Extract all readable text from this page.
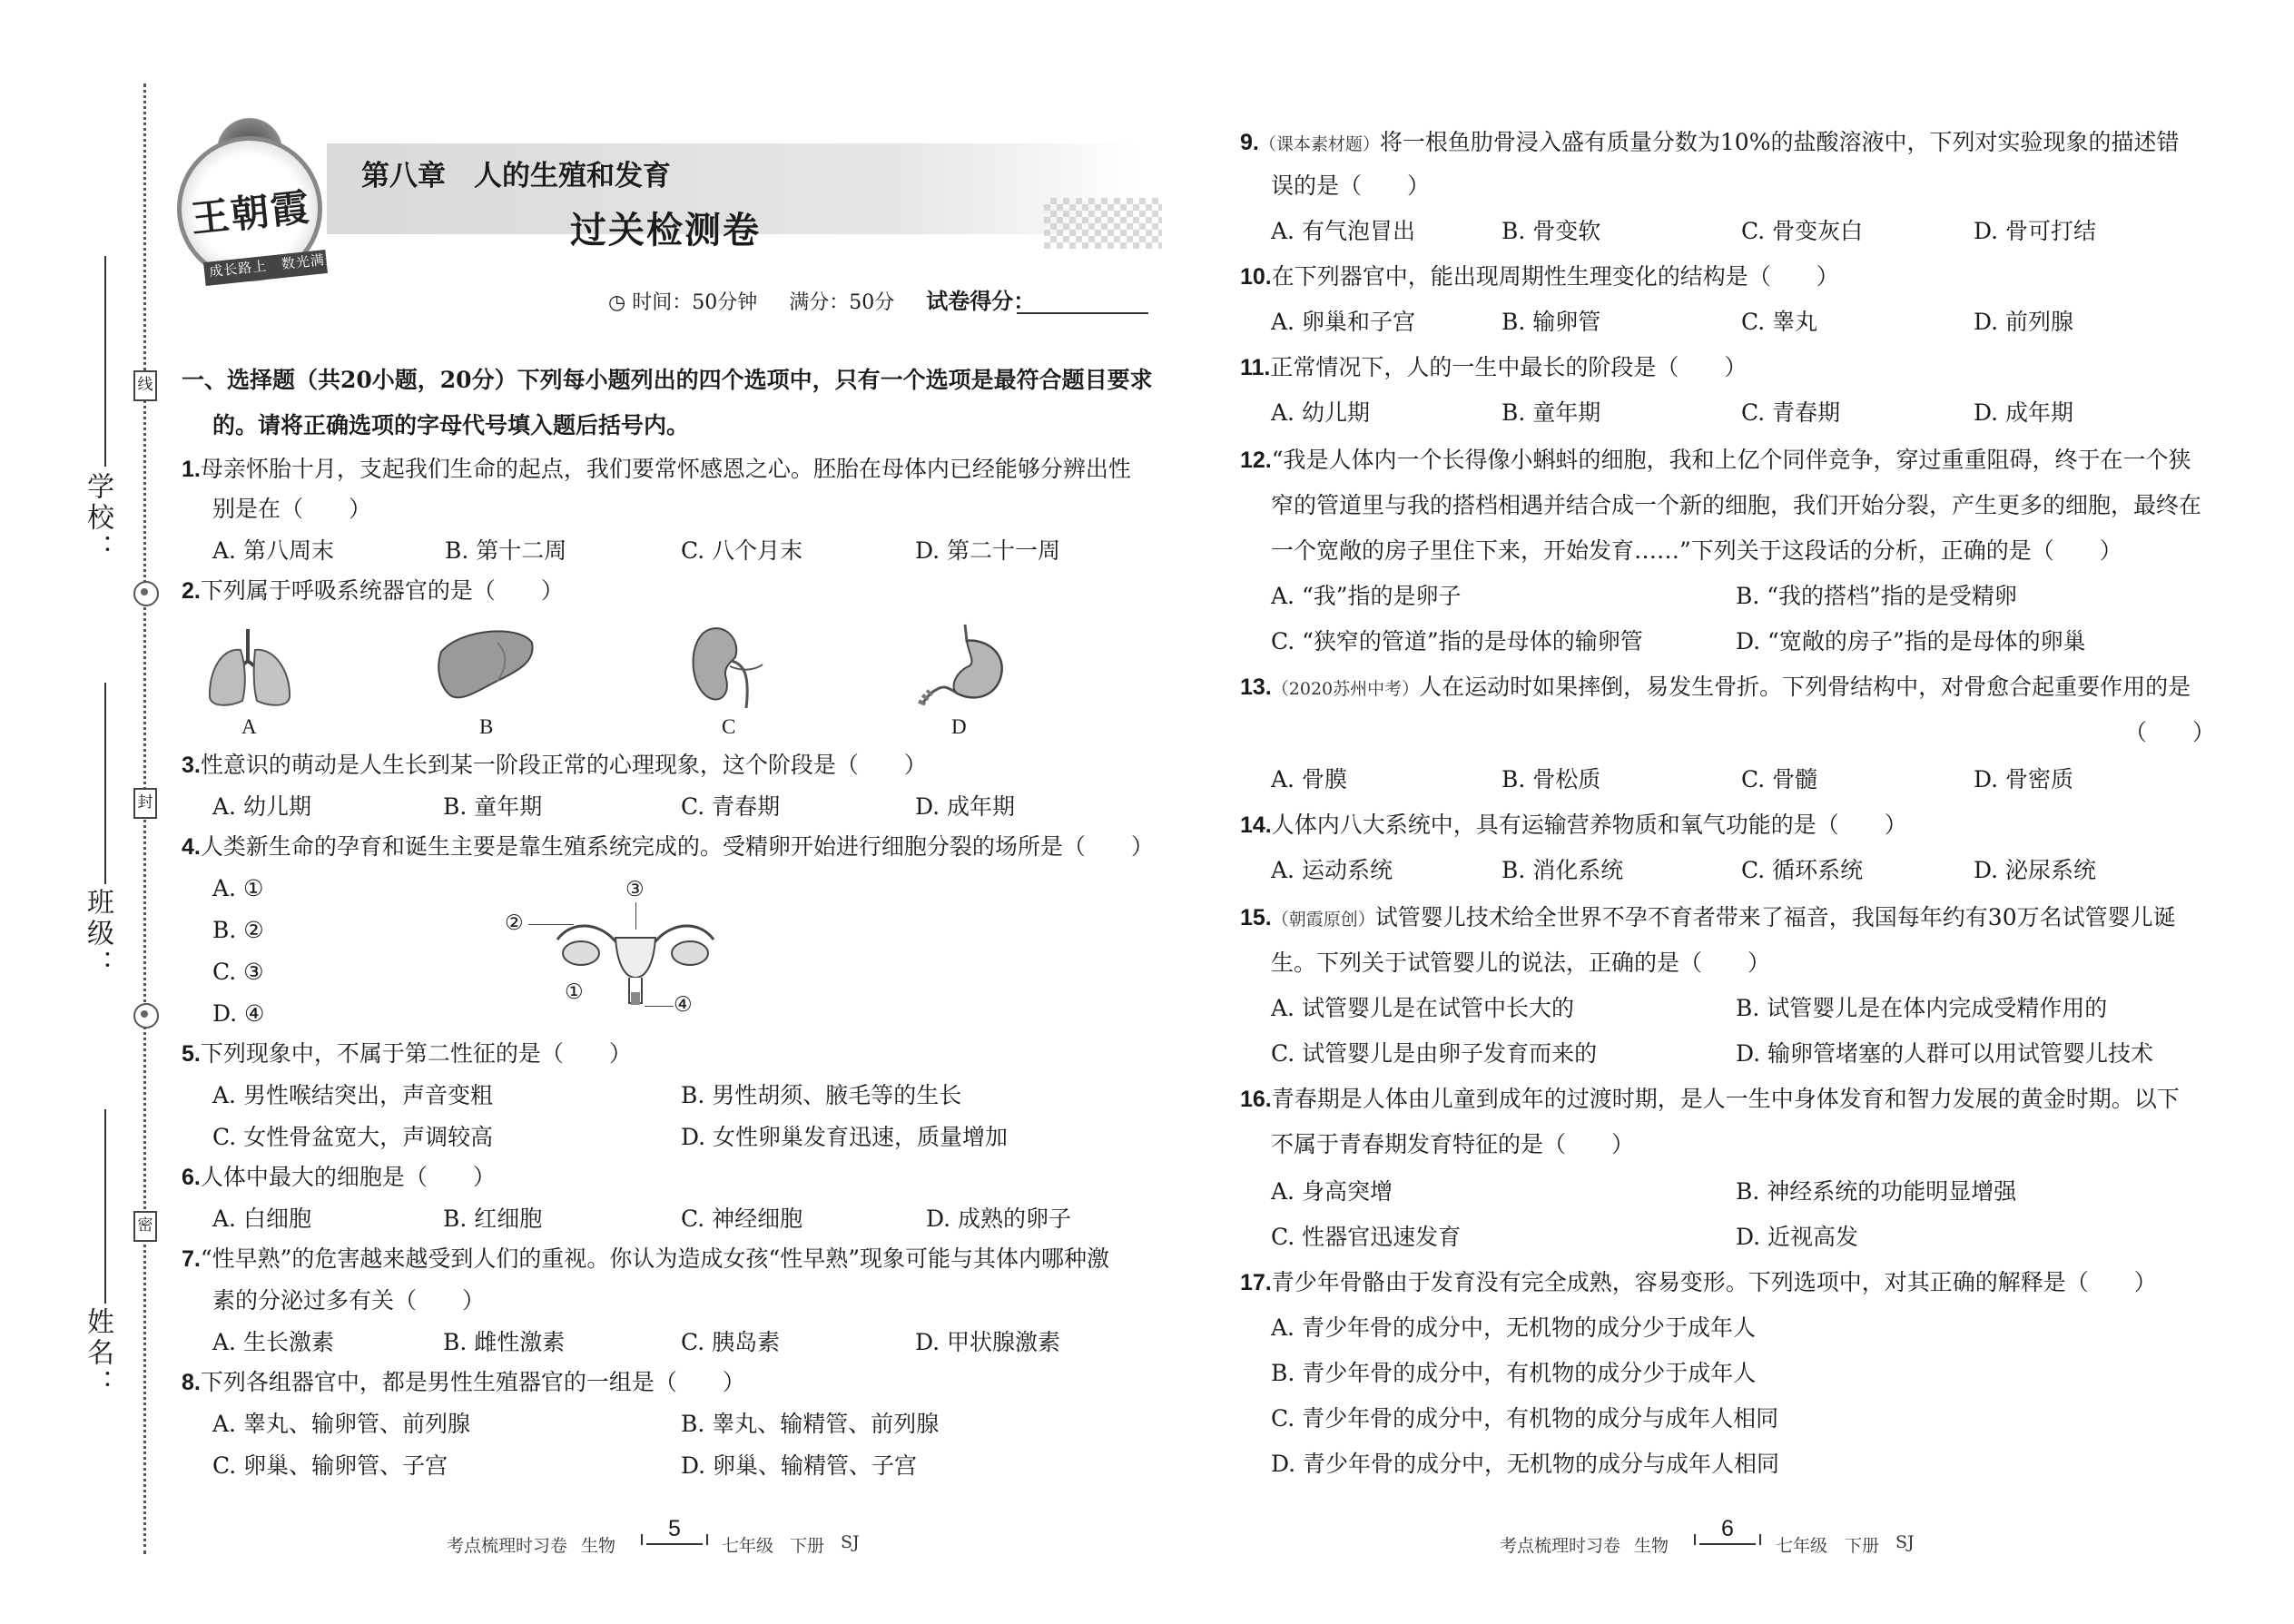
线
封
密
学校：
班级：
姓名：
王朝霞
成长路上　数光满天
第八章　人的生殖和发育
过关检测卷
◷ 时间：50分钟 满分：50分 试卷得分：
一、选择题（共20小题，20分）下列每小题列出的四个选项中，只有一个选项是最符合题目要求
的。请将正确选项的字母代号填入题后括号内。
1.母亲怀胎十月，支起我们生命的起点，我们要常怀感恩之心。胚胎在母体内已经能够分辨出性
别是在（　　）
A. 第八周末	B. 第十二周	C. 八个月末	D. 第二十一周
2.下列属于呼吸系统器官的是（　　）
A	B	C	D
3.性意识的萌动是人生长到某一阶段正常的心理现象，这个阶段是（　　）
A. 幼儿期	B. 童年期	C. 青春期	D. 成年期
4.人类新生命的孕育和诞生主要是靠生殖系统完成的。受精卵开始进行细胞分裂的场所是（　　）
A. ①
B. ②
C. ③
D. ④
③
②
①
④
5.下列现象中，不属于第二性征的是（　　）
A. 男性喉结突出，声音变粗	B. 男性胡须、腋毛等的生长
C. 女性骨盆宽大，声调较高	D. 女性卵巢发育迅速，质量增加
6.人体中最大的细胞是（　　）
A. 白细胞	B. 红细胞	C. 神经细胞	D. 成熟的卵子
7.“性早熟”的危害越来越受到人们的重视。你认为造成女孩“性早熟”现象可能与其体内哪种激
素的分泌过多有关（　　）
A. 生长激素	B. 雌性激素	C. 胰岛素	D. 甲状腺激素
8.下列各组器官中，都是男性生殖器官的一组是（　　）
A. 睾丸、输卵管、前列腺	B. 睾丸、输精管、前列腺
C. 卵巢、输卵管、子宫	D. 卵巢、输精管、子宫
9.（课本素材题）将一根鱼肋骨浸入盛有质量分数为10%的盐酸溶液中，下列对实验现象的描述错
误的是（　　）
A. 有气泡冒出	B. 骨变软	C. 骨变灰白	D. 骨可打结
10.在下列器官中，能出现周期性生理变化的结构是（　　）
A. 卵巢和子宫	B. 输卵管	C. 睾丸	D. 前列腺
11.正常情况下，人的一生中最长的阶段是（　　）
A. 幼儿期	B. 童年期	C. 青春期	D. 成年期
12.“我是人体内一个长得像小蝌蚪的细胞，我和上亿个同伴竞争，穿过重重阻碍，终于在一个狭
窄的管道里与我的搭档相遇并结合成一个新的细胞，我们开始分裂，产生更多的细胞，最终在
一个宽敞的房子里住下来，开始发育……”下列关于这段话的分析，正确的是（　　）
A. “我”指的是卵子	B. “我的搭档”指的是受精卵
C. “狭窄的管道”指的是母体的输卵管	D. “宽敞的房子”指的是母体的卵巢
13.（2020苏州中考）人在运动时如果摔倒，易发生骨折。下列骨结构中，对骨愈合起重要作用的是
（　　）
A. 骨膜	B. 骨松质	C. 骨髓	D. 骨密质
14.人体内八大系统中，具有运输营养物质和氧气功能的是（　　）
A. 运动系统	B. 消化系统	C. 循环系统	D. 泌尿系统
15.（朝霞原创）试管婴儿技术给全世界不孕不育者带来了福音，我国每年约有30万名试管婴儿诞
生。下列关于试管婴儿的说法，正确的是（　　）
A. 试管婴儿是在试管中长大的	B. 试管婴儿是在体内完成受精作用的
C. 试管婴儿是由卵子发育而来的	D. 输卵管堵塞的人群可以用试管婴儿技术
16.青春期是人体由儿童到成年的过渡时期，是人一生中身体发育和智力发展的黄金时期。以下
不属于青春期发育特征的是（　　）
A. 身高突增	B. 神经系统的功能明显增强
C. 性器官迅速发育	D. 近视高发
17.青少年骨骼由于发育没有完全成熟，容易变形。下列选项中，对其正确的解释是（　　）
A. 青少年骨的成分中，无机物的成分少于成年人
B. 青少年骨的成分中，有机物的成分少于成年人
C. 青少年骨的成分中，有机物的成分与成年人相同
D. 青少年骨的成分中，无机物的成分与成年人相同
考点梳理时习卷 生物
5
七年级 下册 SJ	考点梳理时习卷 生物
6
七年级 下册 SJ
